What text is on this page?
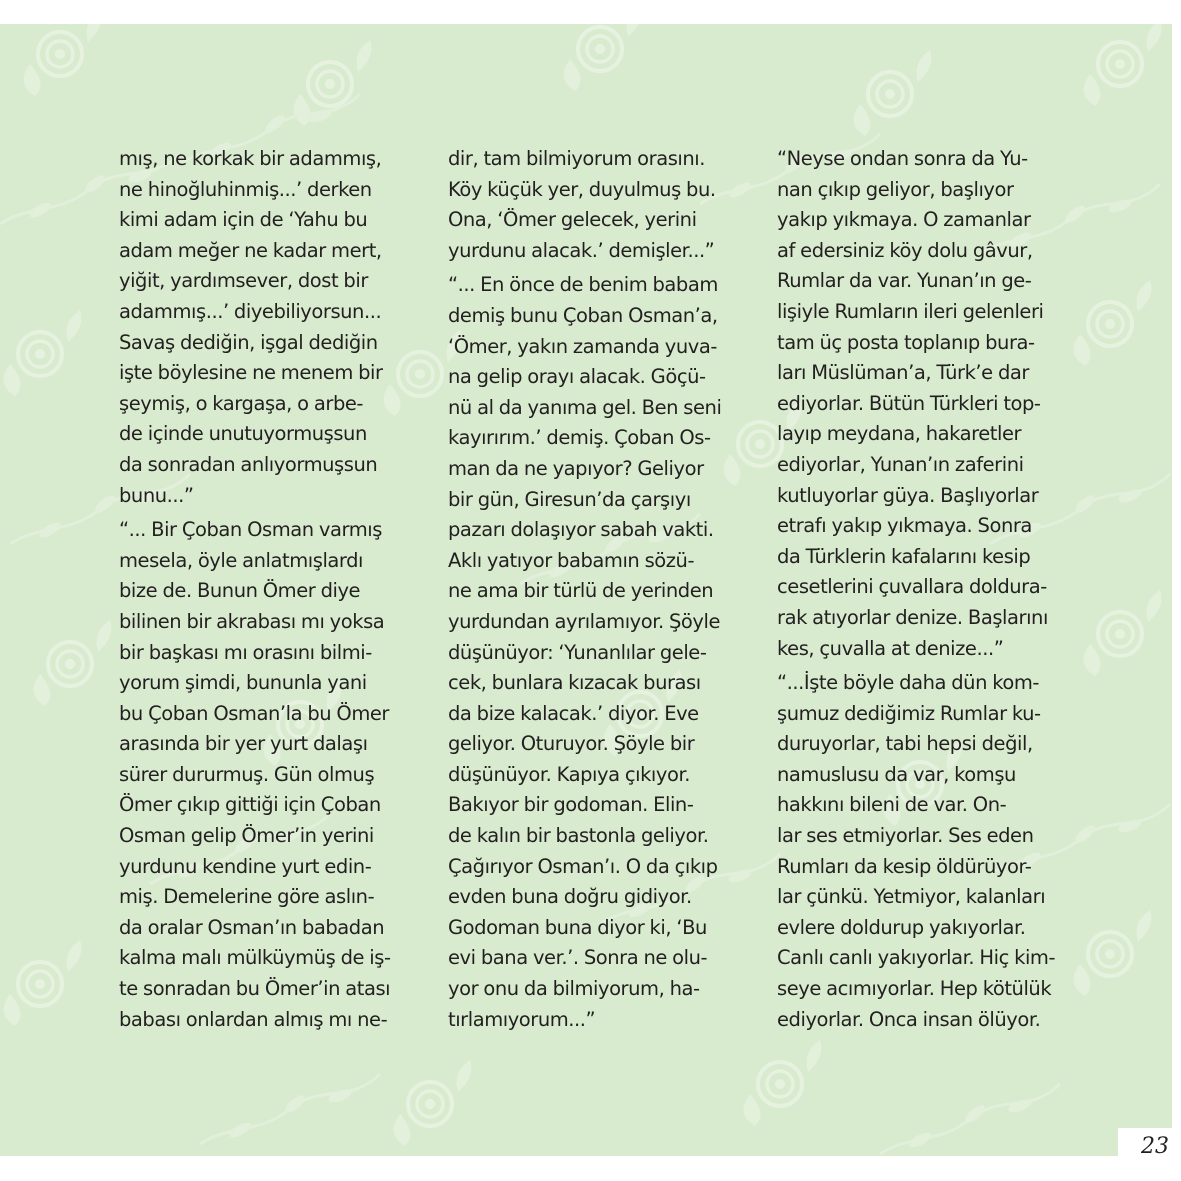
mış, ne korkak bir adammış,
ne hinoğluhinmiş...’ derken
kimi adam için de ‘Yahu bu
adam meğer ne kadar mert,
yiğit, yardımsever, dost bir
adammış...’ diyebiliyorsun...
Savaş dediğin, işgal dediğin
işte böylesine ne menem bir
şeymiş, o kargaşa, o arbe-
de içinde unutuyormuşsun
da sonradan anlıyormuşsun
bunu...”

“... Bir Çoban Osman varmış
mesela, öyle anlatmışlardı
bize de. Bunun Ömer diye
bilinen bir akrabası mı yoksa
bir başkası mı orasını bilmi-
yorum şimdi, bununla yani
bu Çoban Osman’la bu Ömer
arasında bir yer yurt dalaşı
sürer dururmuş. Gün olmuş
Ömer çıkıp gittiği için Çoban
Osman gelip Ömer’in yerini
yurdunu kendine yurt edin-
miş. Demelerine göre aslın-
da oralar Osman’ın babadan
kalma malı mülküymüş de iş-
te sonradan bu Ömer’in atası
babası onlardan almış mı ne-

dir, tam bilmiyorum orasını.
Köy küçük yer, duyulmuş bu.
Ona, ‘Ömer gelecek, yerini
yurdunu alacak.’ demişler...”

“... En önce de benim babam
demiş bunu Çoban Osman’a,
‘Ömer, yakın zamanda yuva-
na gelip orayı alacak. Göçü-
nü al da yanıma gel. Ben seni
kayırırım.’ demiş. Çoban Os-
man da ne yapıyor? Geliyor
bir gün, Giresun’da çarşıyı
pazarı dolaşıyor sabah vakti.
Aklı yatıyor babamın sözü-
ne ama bir türlü de yerinden
yurdundan ayrılamıyor. Şöyle
düşünüyor: ‘Yunanlılar gele-
cek, bunlara kızacak burası
da bize kalacak.’ diyor. Eve
geliyor. Oturuyor. Şöyle bir
düşünüyor. Kapıya çıkıyor.
Bakıyor bir godoman. Elin-
de kalın bir bastonla geliyor.
Çağırıyor Osman’ı. O da çıkıp
evden buna doğru gidiyor.
Godoman buna diyor ki, ‘Bu
evi bana ver.’. Sonra ne olu-
yor onu da bilmiyorum, ha-
tırlamıyorum...”

“Neyse ondan sonra da Yu-
nan çıkıp geliyor, başlıyor
yakıp yıkmaya. O zamanlar
af edersiniz köy dolu gâvur,
Rumlar da var. Yunan’ın ge-
lişiyle Rumların ileri gelenleri
tam üç posta toplanıp bura-
ları Müslüman’a, Türk’e dar
ediyorlar. Bütün Türkleri top-
layıp meydana, hakaretler
ediyorlar, Yunan’ın zaferini
kutluyorlar güya. Başlıyorlar
etrafı yakıp yıkmaya. Sonra
da Türklerin kafalarını kesip
cesetlerini çuvallara doldura-
rak atıyorlar denize. Başlarını
kes, çuvalla at denize...”

“...İşte böyle daha dün kom-
şumuz dediğimiz Rumlar ku-
duruyorlar, tabi hepsi değil,
namuslusu da var, komşu
hakkını bileni de var. On-
lar ses etmiyorlar. Ses eden
Rumları da kesip öldürüyor-
lar çünkü. Yetmiyor, kalanları
evlere doldurup yakıyorlar.
Canlı canlı yakıyorlar. Hiç kim-
seye acımıyorlar. Hep kötülük
ediyorlar. Onca insan ölüyor.

23
